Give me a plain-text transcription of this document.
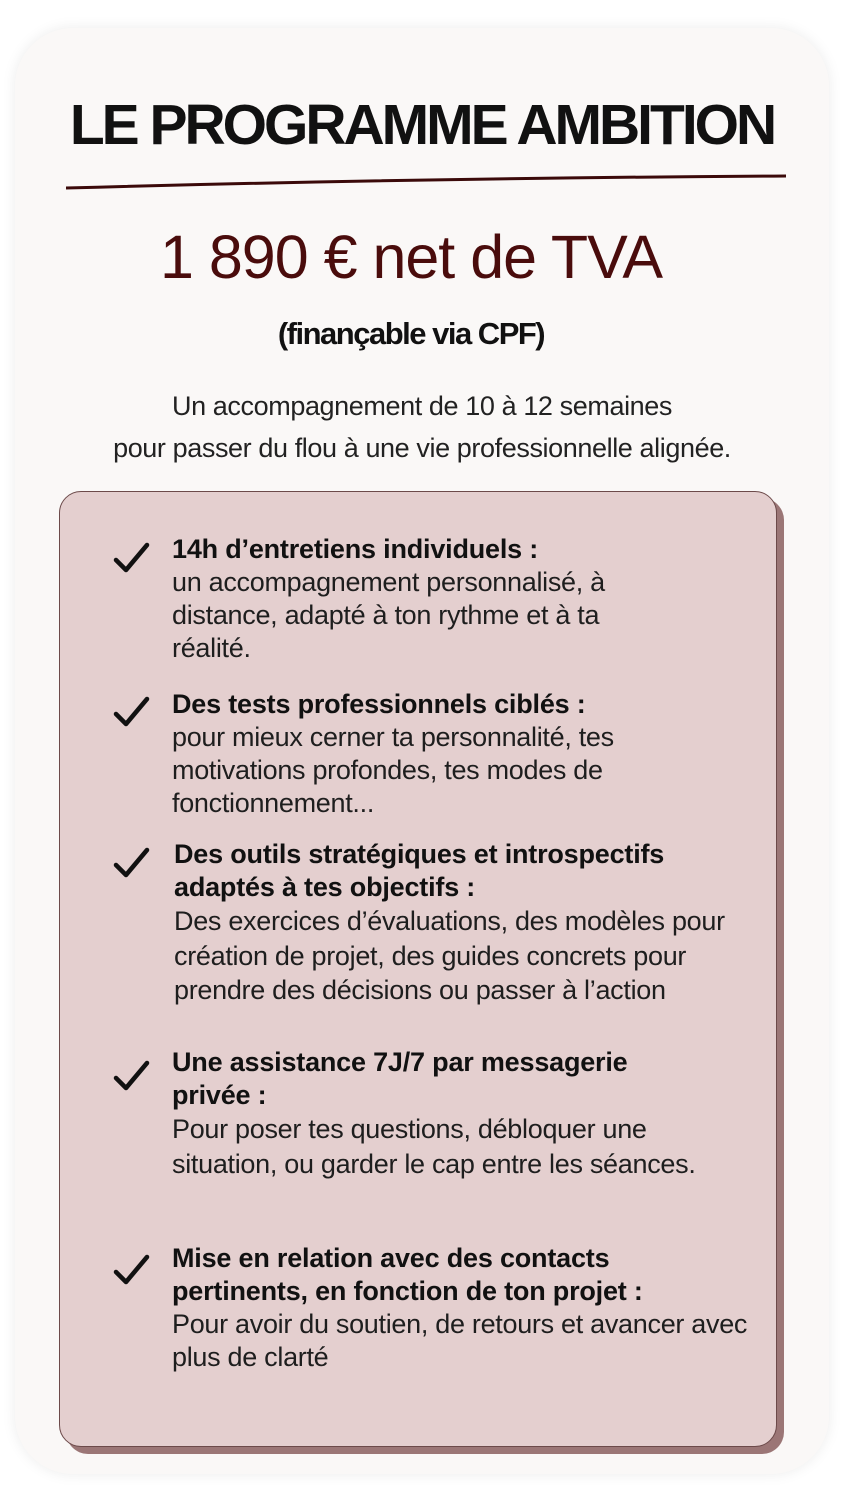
LE PROGRAMME AMBITION
1 890 € net de TVA
(finançable via CPF)
Un accompagnement de 10 à 12 semaines
pour passer du flou à une vie professionnelle alignée.
14h d’entretiens individuels :
un accompagnement personnalisé, à distance, adapté à ton rythme et à ta réalité.
Des tests professionnels ciblés :
pour mieux cerner ta personnalité, tes motivations profondes, tes modes de fonctionnement...
Des outils stratégiques et introspectifs
adaptés à tes objectifs :
Des exercices d’évaluations, des modèles pour création de projet, des guides concrets pour prendre des décisions ou passer à l’action
Une assistance 7J/7 par messagerie
privée :
Pour poser tes questions, débloquer une situation, ou garder le cap entre les séances.
Mise en relation avec des contacts
pertinents, en fonction de ton projet :
Pour avoir du soutien, de retours et avancer avec plus de clarté
